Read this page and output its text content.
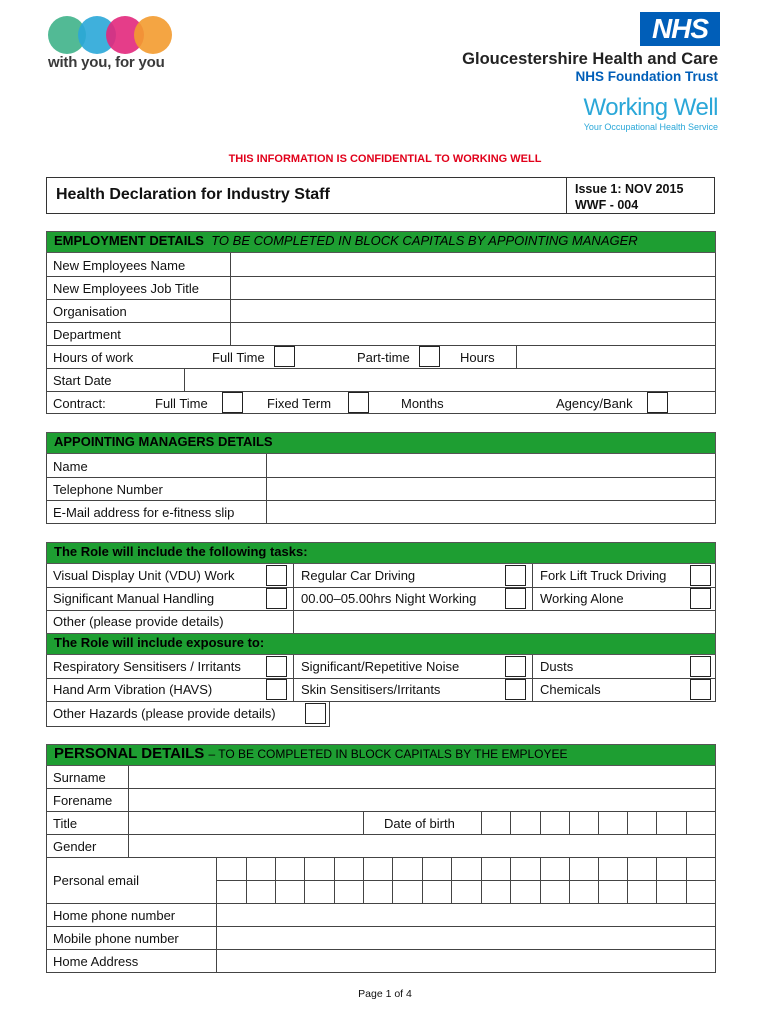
with you, for you
NHS
Gloucestershire Health and Care
NHS Foundation Trust
Working Well
Your Occupational Health Service
THIS INFORMATION IS CONFIDENTIAL TO WORKING WELL
Health Declaration for Industry Staff	Issue 1: NOV 2015
WWF - 004
EMPLOYMENT DETAILS TO BE COMPLETED IN BLOCK CAPITALS BY APPOINTING MANAGER
New Employees Name
New Employees Job Title
Organisation
Department
Hours of work	Full Time	Part-time	Hours
Start Date
Contract:	Full Time	Fixed Term	Months	Agency/Bank
APPOINTING MANAGERS DETAILS
Name
Telephone Number
E-Mail address for e-fitness slip
The Role will include the following tasks:
Visual Display Unit (VDU) Work	Regular Car Driving	Fork Lift Truck Driving
Significant Manual Handling	00.00–05.00hrs Night Working	Working Alone
Other (please provide details)
The Role will include exposure to:
Respiratory Sensitisers / Irritants	Significant/Repetitive Noise	Dusts
Hand Arm Vibration (HAVS)	Skin Sensitisers/Irritants	Chemicals
Other Hazards (please provide details)
PERSONAL DETAILS – TO BE COMPLETED IN BLOCK CAPITALS BY THE EMPLOYEE
Surname
Forename
Title	Date of birth
Gender
Personal email
Home phone number
Mobile phone number
Home Address
Page 1 of 4
